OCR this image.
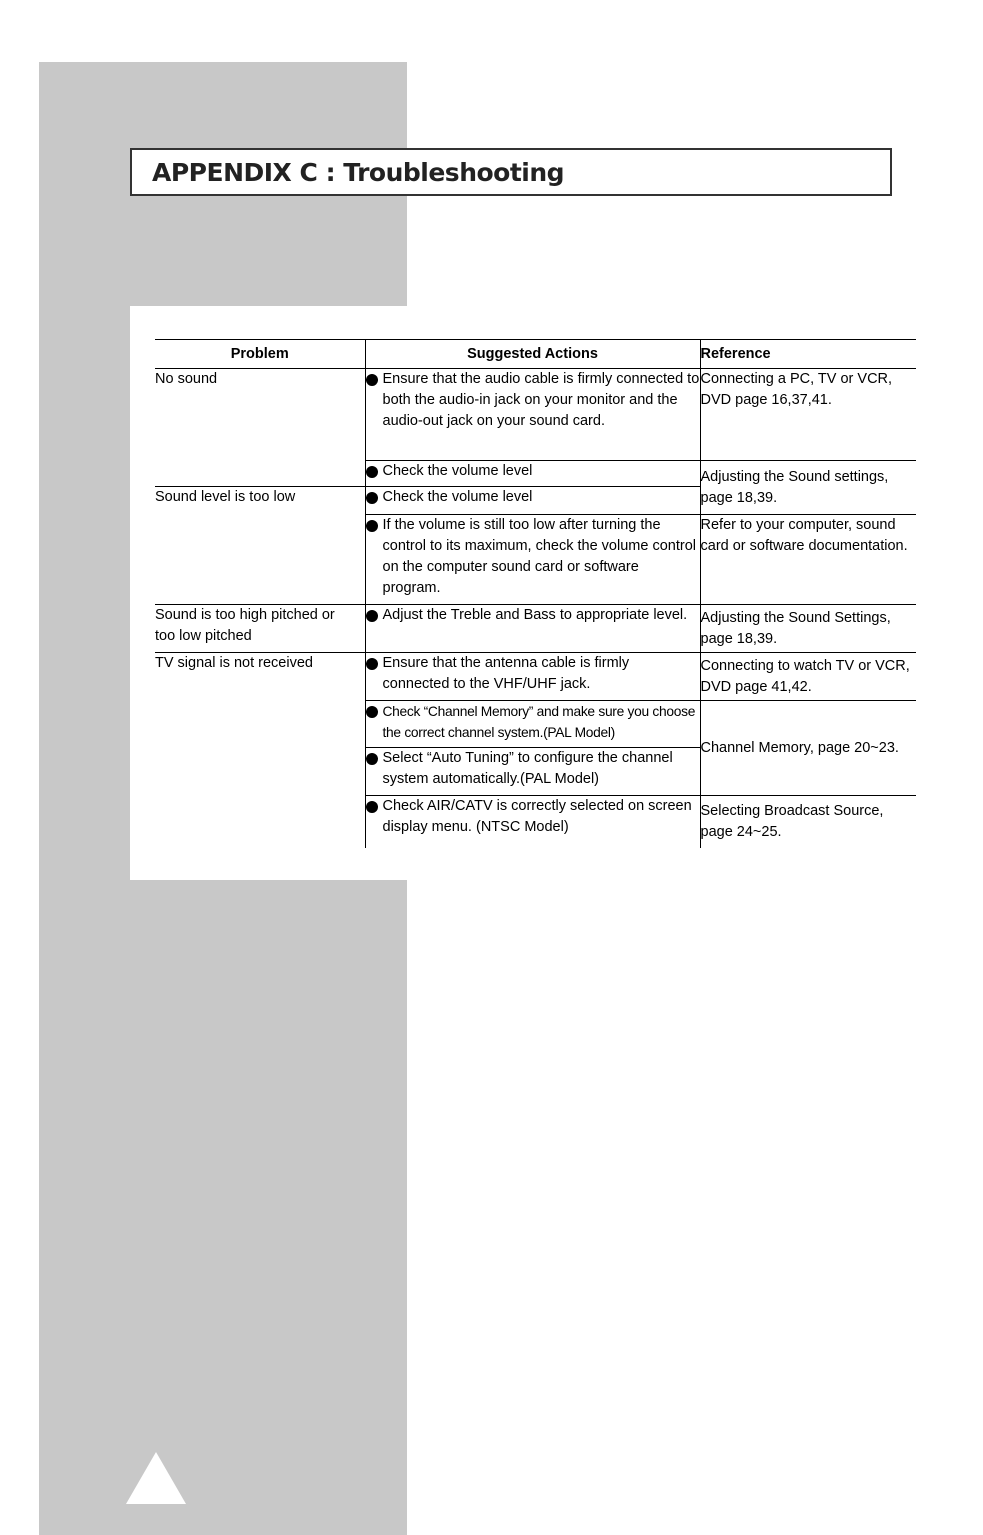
APPENDIX C : Troubleshooting
Problem	Suggested Actions	Reference
No sound	Ensure that the audio cable is firmly connected to both the audio-in jack on your monitor and the audio-out jack on your sound card.	Connecting a PC, TV or VCR, DVD page 16,37,41.

	Check the volume level	Adjusting the Sound settings, page 18,39.
Sound level is too low	Check the volume level	

	If the volume is still too low after turning the control to its maximum, check the volume control on the computer sound card or software program.	Refer to your computer, sound card or software documentation.
Sound is too high pitched or too low pitched	Adjust the Treble and Bass to appropriate level.	Adjusting the Sound Settings, page 18,39.
TV signal is not received	Ensure that the antenna cable is firmly connected to the VHF/UHF jack.	Connecting to watch TV or VCR, DVD page 41,42.

	Check “Channel Memory” and make sure you choose the correct channel system.(PAL Model)	Channel Memory, page 20~23.

	Select “Auto Tuning” to configure the channel system automatically.(PAL Model)	

	Check AIR/CATV is correctly selected on screen display menu. (NTSC Model)	Selecting Broadcast Source, page 24~25.
